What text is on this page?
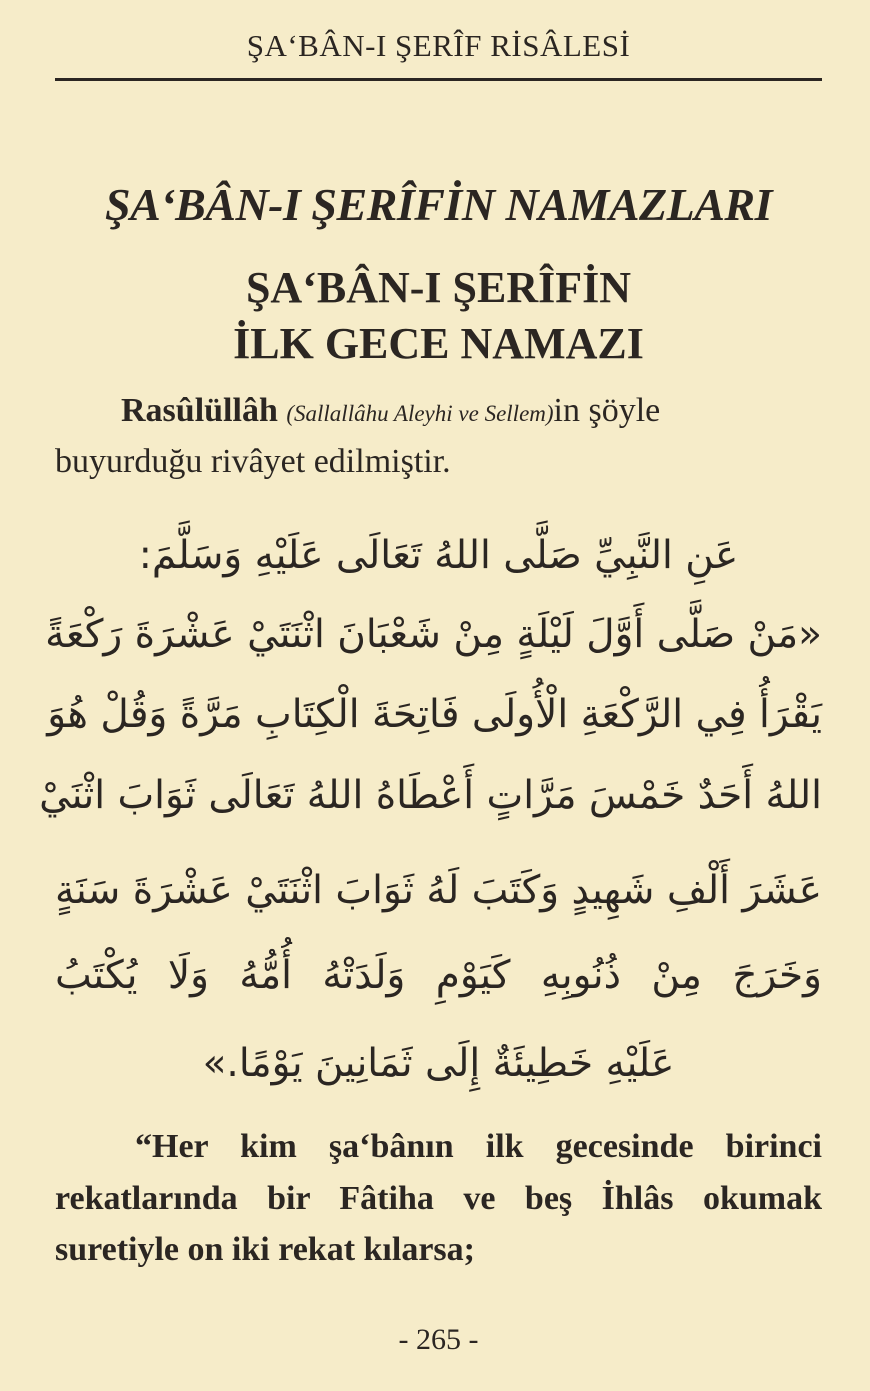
ŞAʻBÂN-I ŞERÎF RİSÂLESİ
ŞAʻBÂN-I ŞERÎFİN NAMAZLARI
ŞAʻBÂN-I ŞERÎFİN
İLK GECE NAMAZI
Rasûlüllâh (Sallallâhu Aleyhi ve Sellem)in şöyle
buyurduğu rivâyet edilmiştir.
عَنِ النَّبِيِّ صَلَّى اللهُ تَعَالَى عَلَيْهِ وَسَلَّمَ:
«مَنْ صَلَّى أَوَّلَ لَيْلَةٍ مِنْ شَعْبَانَ اثْنَتَيْ عَشْرَةَ رَكْعَةً
يَقْرَأُ فِي الرَّكْعَةِ الْأُولَى فَاتِحَةَ الْكِتَابِ مَرَّةً وَقُلْ هُوَ
اللهُ أَحَدٌ خَمْسَ مَرَّاتٍ أَعْطَاهُ اللهُ تَعَالَى ثَوَابَ اثْنَيْ
عَشَرَ أَلْفِ شَهِيدٍ وَكَتَبَ لَهُ ثَوَابَ اثْنَتَيْ عَشْرَةَ سَنَةٍ
وَخَرَجَ مِنْ ذُنُوبِهِ كَيَوْمِ وَلَدَتْهُ أُمُّهُ وَلَا يُكْتَبُ
عَلَيْهِ خَطِيئَةٌ إِلَى ثَمَانِينَ يَوْمًا.»
“Her kim şaʻbânın ilk gecesinde birinci
rekatlarında bir Fâtiha ve beş İhlâs okumak
suretiyle on iki rekat kılarsa;
- 265 -
